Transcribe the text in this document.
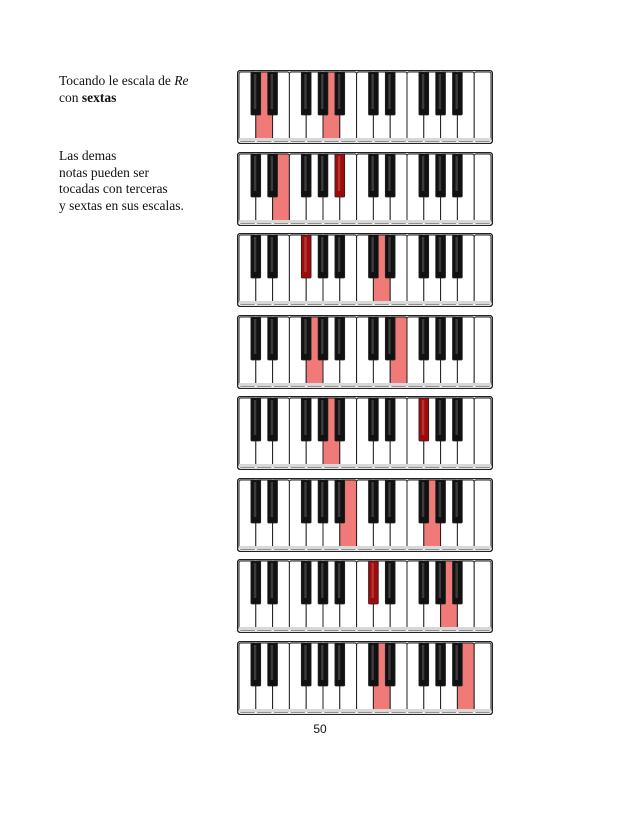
Tocando le escala de Re
con sextas
Las demas
notas pueden ser
tocadas con terceras
y sextas en sus escalas.
50
